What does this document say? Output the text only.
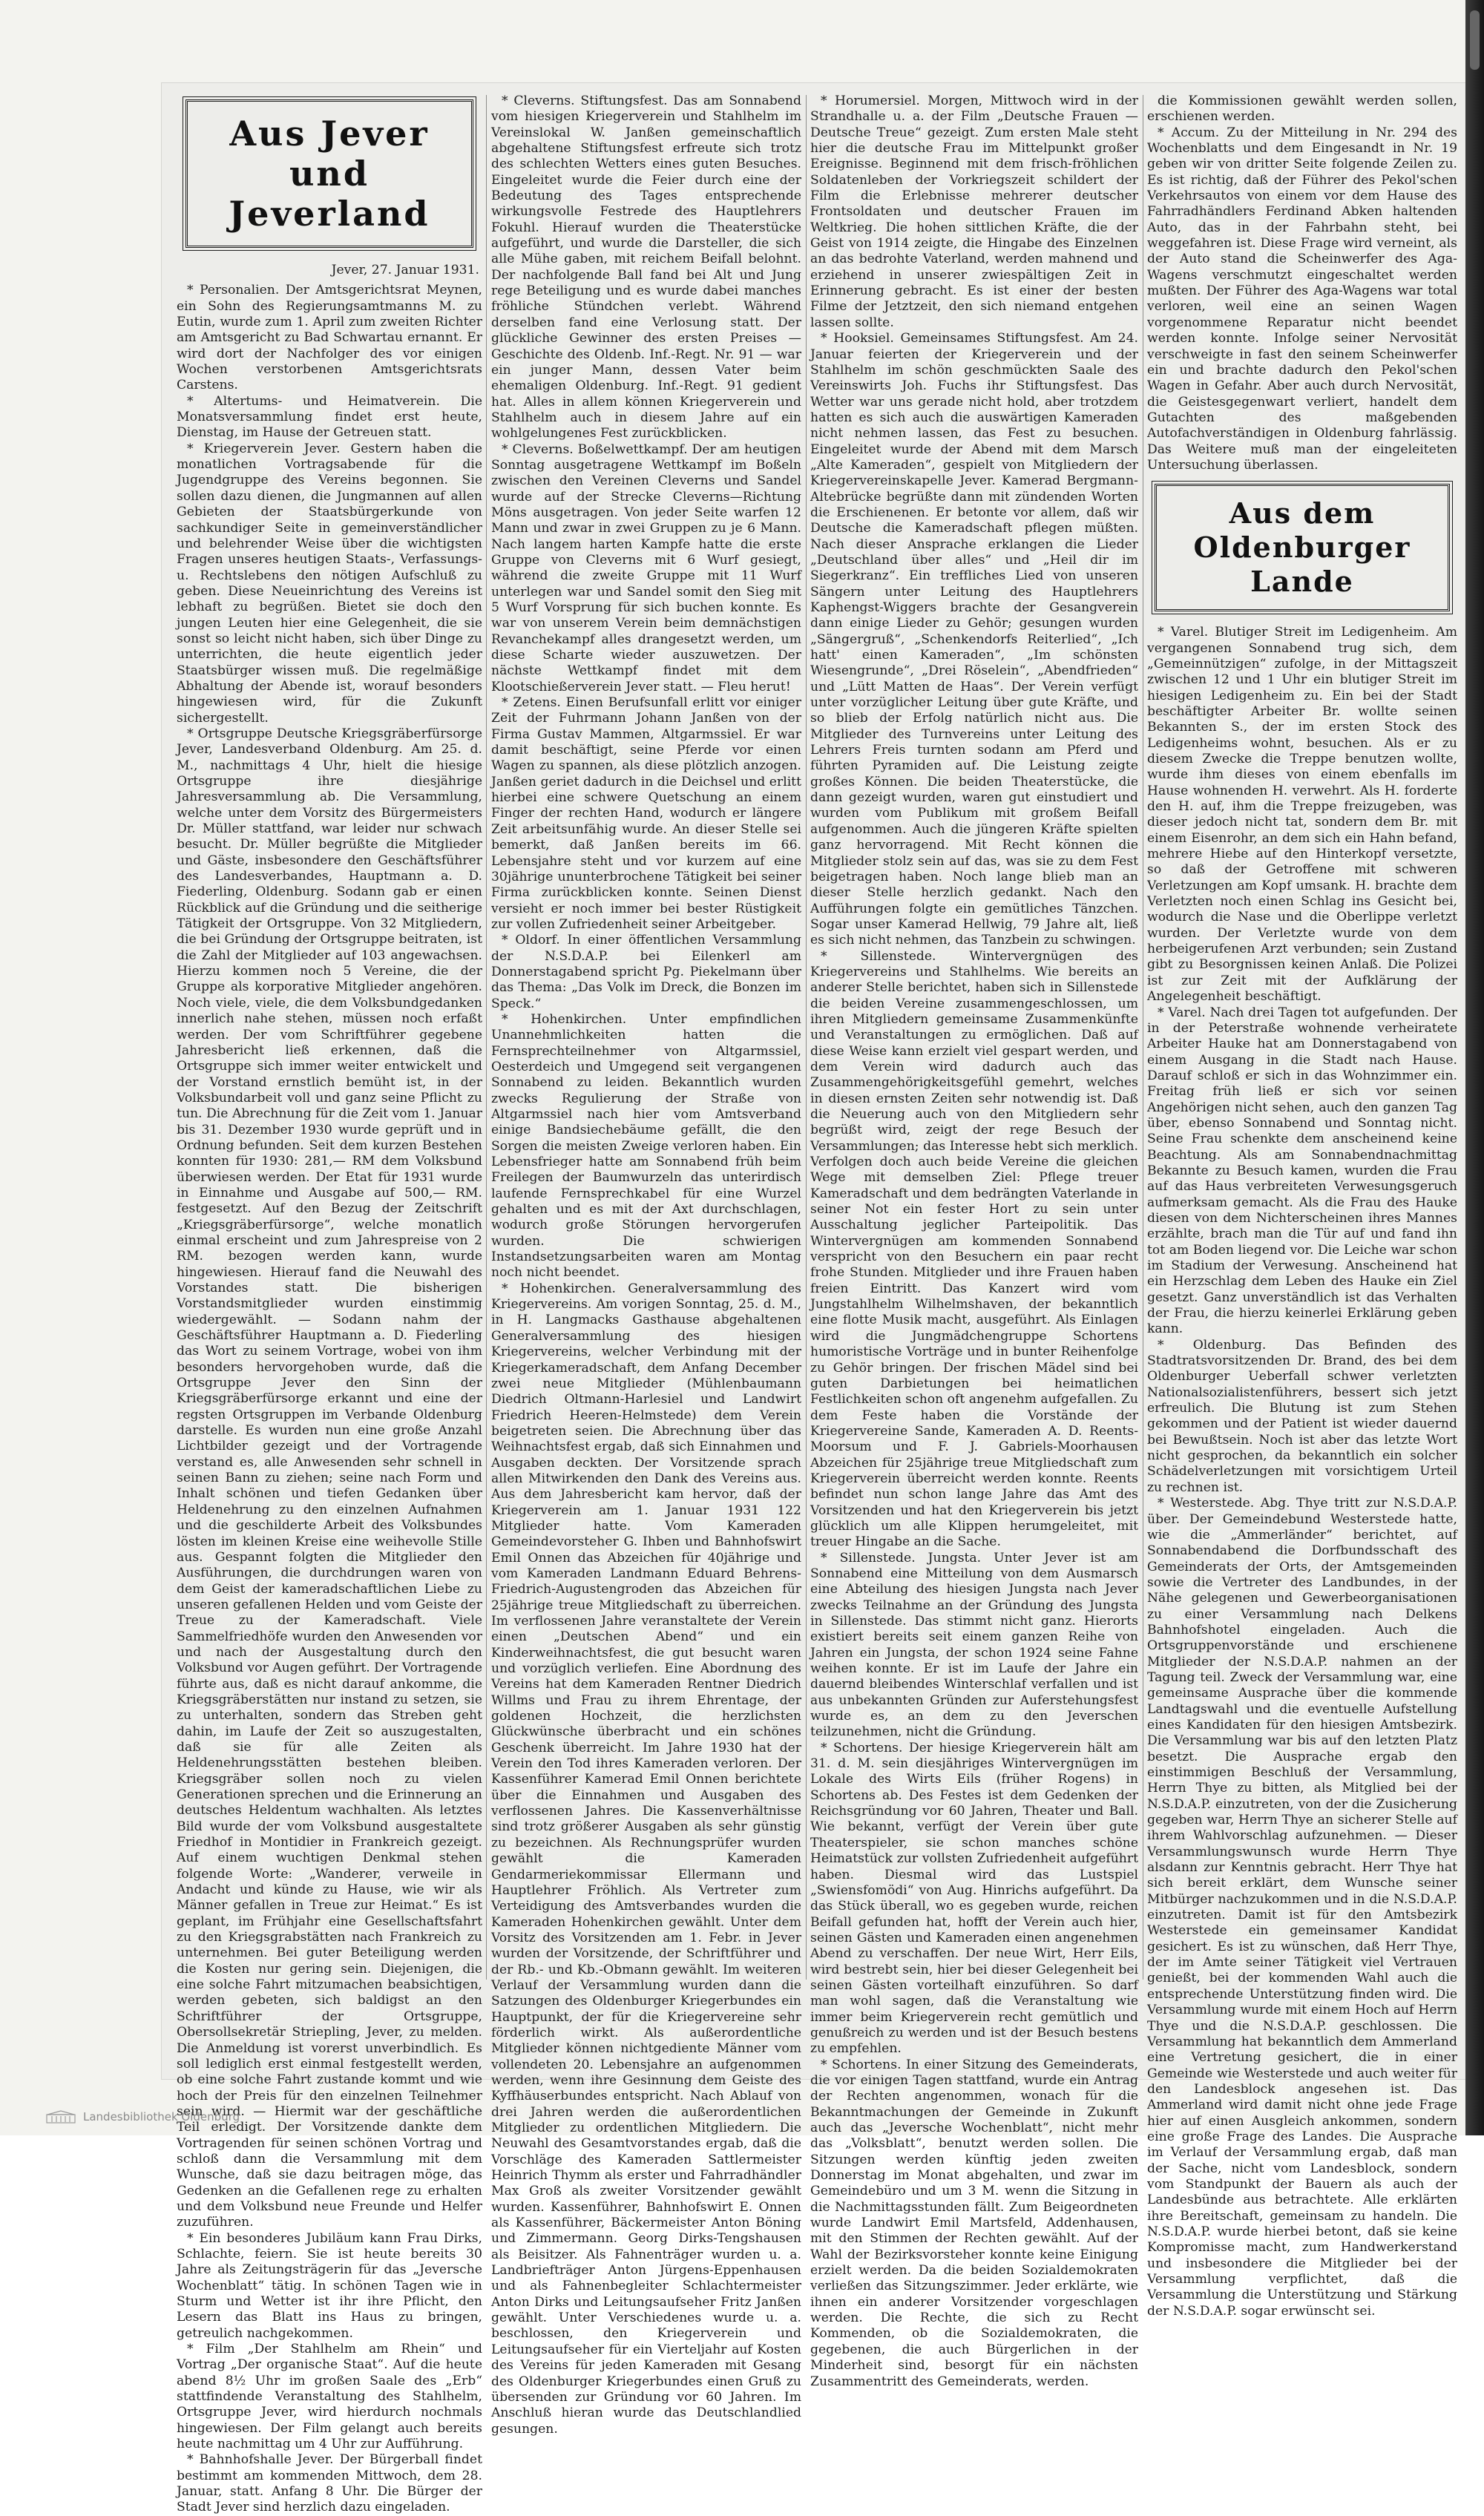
Aus Jever
und Jeverland

Jever, 27. Januar 1931.

* Personalien. Der Amtsgerichtsrat Meynen, ein Sohn des Regierungsamtmanns M. zu Eutin, wurde zum 1. April zum zweiten Richter am Amtsgericht zu Bad Schwartau ernannt. Er wird dort der Nachfolger des vor einigen Wochen verstorbenen Amtsgerichtsrats Carstens.

* Altertums- und Heimatverein. Die Monatsversammlung findet erst heute, Dienstag, im Hause der Getreuen statt.

* Kriegerverein Jever. Gestern haben die monatlichen Vortragsabende für die Jugendgruppe des Vereins begonnen. Sie sollen dazu dienen, die Jungmannen auf allen Gebieten der Staatsbürgerkunde von sachkundiger Seite in gemeinverständlicher und belehrender Weise über die wichtigsten Fragen unseres heutigen Staats-, Verfassungs- u. Rechtslebens den nötigen Aufschluß zu geben. Diese Neueinrichtung des Vereins ist lebhaft zu begrüßen. Bietet sie doch den jungen Leuten hier eine Gelegenheit, die sie sonst so leicht nicht haben, sich über Dinge zu unterrichten, die heute eigentlich jeder Staatsbürger wissen muß. Die regelmäßige Abhaltung der Abende ist, worauf besonders hingewiesen wird, für die Zukunft sichergestellt.

* Ortsgruppe Deutsche Kriegsgräberfürsorge Jever, Landesverband Oldenburg. Am 25. d. M., nachmittags 4 Uhr, hielt die hiesige Ortsgruppe ihre diesjährige Jahresversammlung ab. Die Versammlung, welche unter dem Vorsitz des Bürgermeisters Dr. Müller stattfand, war leider nur schwach besucht. Dr. Müller begrüßte die Mitglieder und Gäste, insbesondere den Geschäftsführer des Landesverbandes, Hauptmann a. D. Fiederling, Oldenburg. Sodann gab er einen Rückblick auf die Gründung und die seitherige Tätigkeit der Ortsgruppe. Von 32 Mitgliedern, die bei Gründung der Ortsgruppe beitraten, ist die Zahl der Mitglieder auf 103 angewachsen. Hierzu kommen noch 5 Vereine, die der Gruppe als korporative Mitglieder angehören. Noch viele, viele, die dem Volksbundgedanken innerlich nahe stehen, müssen noch erfaßt werden. Der vom Schriftführer gegebene Jahresbericht ließ erkennen, daß die Ortsgruppe sich immer weiter entwickelt und der Vorstand ernstlich bemüht ist, in der Volksbundarbeit voll und ganz seine Pflicht zu tun. Die Abrechnung für die Zeit vom 1. Januar bis 31. Dezember 1930 wurde geprüft und in Ordnung befunden. Seit dem kurzen Bestehen konnten für 1930: 281,— RM dem Volksbund überwiesen werden. Der Etat für 1931 wurde in Einnahme und Ausgabe auf 500,— RM. festgesetzt. Auf den Bezug der Zeitschrift „Kriegsgräberfürsorge“, welche monatlich einmal erscheint und zum Jahrespreise von 2 RM. bezogen werden kann, wurde hingewiesen. Hierauf fand die Neuwahl des Vorstandes statt. Die bisherigen Vorstandsmitglieder wurden einstimmig wiedergewählt. — Sodann nahm der Geschäftsführer Hauptmann a. D. Fiederling das Wort zu seinem Vortrage, wobei von ihm besonders hervorgehoben wurde, daß die Ortsgruppe Jever den Sinn der Kriegsgräberfürsorge erkannt und eine der regsten Ortsgruppen im Verbande Oldenburg darstelle. Es wurden nun eine große Anzahl Lichtbilder gezeigt und der Vortragende verstand es, alle Anwesenden sehr schnell in seinen Bann zu ziehen; seine nach Form und Inhalt schönen und tiefen Gedanken über Heldenehrung zu den einzelnen Aufnahmen und die geschilderte Arbeit des Volksbundes lösten im kleinen Kreise eine weihevolle Stille aus. Gespannt folgten die Mitglieder den Ausführungen, die durchdrungen waren von dem Geist der kameradschaftlichen Liebe zu unseren gefallenen Helden und vom Geiste der Treue zu der Kameradschaft. Viele Sammelfriedhöfe wurden den Anwesenden vor und nach der Ausgestaltung durch den Volksbund vor Augen geführt. Der Vortragende führte aus, daß es nicht darauf ankomme, die Kriegsgräberstätten nur instand zu setzen, sie zu unterhalten, sondern das Streben geht dahin, im Laufe der Zeit so auszugestalten, daß sie für alle Zeiten als Heldenehrungsstätten bestehen bleiben. Kriegsgräber sollen noch zu vielen Generationen sprechen und die Erinnerung an deutsches Heldentum wachhalten. Als letztes Bild wurde der vom Volksbund ausgestaltete Friedhof in Montidier in Frankreich gezeigt. Auf einem wuchtigen Denkmal stehen folgende Worte: „Wanderer, verweile in Andacht und künde zu Hause, wie wir als Männer gefallen in Treue zur Heimat.“ Es ist geplant, im Frühjahr eine Gesellschaftsfahrt zu den Kriegsgrabstätten nach Frankreich zu unternehmen. Bei guter Beteiligung werden die Kosten nur gering sein. Diejenigen, die eine solche Fahrt mitzumachen beabsichtigen, werden gebeten, sich baldigst an den Schriftführer der Ortsgruppe, Obersollsekretär Striepling, Jever, zu melden. Die Anmeldung ist vorerst unverbindlich. Es soll lediglich erst einmal festgestellt werden, ob eine solche Fahrt zustande kommt und wie hoch der Preis für den einzelnen Teilnehmer sein wird. — Hiermit war der geschäftliche Teil erledigt. Der Vorsitzende dankte dem Vortragenden für seinen schönen Vortrag und schloß dann die Versammlung mit dem Wunsche, daß sie dazu beitragen möge, das Gedenken an die Gefallenen rege zu erhalten und dem Volksbund neue Freunde und Helfer zuzuführen.

* Ein besonderes Jubiläum kann Frau Dirks, Schlachte, feiern. Sie ist heute bereits 30 Jahre als Zeitungsträgerin für das „Jeversche Wochenblatt“ tätig. In schönen Tagen wie in Sturm und Wetter ist ihr ihre Pflicht, den Lesern das Blatt ins Haus zu bringen, getreulich nachgekommen.

* Film „Der Stahlhelm am Rhein“ und Vortrag „Der organische Staat“. Auf die heute abend 8½ Uhr im großen Saale des „Erb“ stattfindende Veranstaltung des Stahlhelm, Ortsgruppe Jever, wird hierdurch nochmals hingewiesen. Der Film gelangt auch bereits heute nachmittag um 4 Uhr zur Aufführung.

* Bahnhofshalle Jever. Der Bürgerball findet bestimmt am kommenden Mittwoch, dem 28. Januar, statt. Anfang 8 Uhr. Die Bürger der Stadt Jever sind herzlich dazu eingeladen.

* Cleverns. Stiftungsfest. Das am Sonnabend vom hiesigen Kriegerverein und Stahlhelm im Vereinslokal W. Janßen gemeinschaftlich abgehaltene Stiftungsfest erfreute sich trotz des schlechten Wetters eines guten Besuches. Eingeleitet wurde die Feier durch eine der Bedeutung des Tages entsprechende wirkungsvolle Festrede des Hauptlehrers Fokuhl. Hierauf wurden die Theaterstücke aufgeführt, und wurde die Darsteller, die sich alle Mühe gaben, mit reichem Beifall belohnt. Der nachfolgende Ball fand bei Alt und Jung rege Beteiligung und es wurde dabei manches fröhliche Stündchen verlebt. Während derselben fand eine Verlosung statt. Der glückliche Gewinner des ersten Preises — Geschichte des Oldenb. Inf.-Regt. Nr. 91 — war ein junger Mann, dessen Vater beim ehemaligen Oldenburg. Inf.-Regt. 91 gedient hat. Alles in allem können Kriegerverein und Stahlhelm auch in diesem Jahre auf ein wohlgelungenes Fest zurückblicken.

* Cleverns. Boßelwettkampf. Der am heutigen Sonntag ausgetragene Wettkampf im Boßeln zwischen den Vereinen Cleverns und Sandel wurde auf der Strecke Cleverns—Richtung Möns ausgetragen. Von jeder Seite warfen 12 Mann und zwar in zwei Gruppen zu je 6 Mann. Nach langem harten Kampfe hatte die erste Gruppe von Cleverns mit 6 Wurf gesiegt, während die zweite Gruppe mit 11 Wurf unterlegen war und Sandel somit den Sieg mit 5 Wurf Vorsprung für sich buchen konnte. Es war von unserem Verein beim demnächstigen Revanchekampf alles drangesetzt werden, um diese Scharte wieder auszuwetzen. Der nächste Wettkampf findet mit dem Klootschießerverein Jever statt. — Fleu herut!

* Zetens. Einen Berufsunfall erlitt vor einiger Zeit der Fuhrmann Johann Janßen von der Firma Gustav Mammen, Altgarmssiel. Er war damit beschäftigt, seine Pferde vor einen Wagen zu spannen, als diese plötzlich anzogen. Janßen geriet dadurch in die Deichsel und erlitt hierbei eine schwere Quetschung an einem Finger der rechten Hand, wodurch er längere Zeit arbeitsunfähig wurde. An dieser Stelle sei bemerkt, daß Janßen bereits im 66. Lebensjahre steht und vor kurzem auf eine 30jährige ununterbrochene Tätigkeit bei seiner Firma zurückblicken konnte. Seinen Dienst versieht er noch immer bei bester Rüstigkeit zur vollen Zufriedenheit seiner Arbeitgeber.

* Oldorf. In einer öffentlichen Versammlung der N.S.D.A.P. bei Eilenkerl am Donnerstagabend spricht Pg. Piekelmann über das Thema: „Das Volk im Dreck, die Bonzen im Speck.“

* Hohenkirchen. Unter empfindlichen Unannehmlichkeiten hatten die Fernsprechteilnehmer von Altgarmssiel, Oesterdeich und Umgegend seit vergangenen Sonnabend zu leiden. Bekanntlich wurden zwecks Regulierung der Straße von Altgarmssiel nach hier vom Amtsverband einige Bandsiechebäume gefällt, die den Sorgen die meisten Zweige verloren haben. Ein Lebensfrieger hatte am Sonnabend früh beim Freilegen der Baumwurzeln das unterirdisch laufende Fernsprechkabel für eine Wurzel gehalten und es mit der Axt durchschlagen, wodurch große Störungen hervorgerufen wurden. Die schwierigen Instandsetzungsarbeiten waren am Montag noch nicht beendet.

* Hohenkirchen. Generalversammlung des Kriegervereins. Am vorigen Sonntag, 25. d. M., in H. Langmacks Gasthause abgehaltenen Generalversammlung des hiesigen Kriegervereins, welcher Verbindung mit der Kriegerkameradschaft, dem Anfang December zwei neue Mitglieder (Mühlenbaumann Diedrich Oltmann-Harlesiel und Landwirt Friedrich Heeren-Helmstede) dem Verein beigetreten seien. Die Abrechnung über das Weihnachtsfest ergab, daß sich Einnahmen und Ausgaben deckten. Der Vorsitzende sprach allen Mitwirkenden den Dank des Vereins aus. Aus dem Jahresbericht kam hervor, daß der Kriegerverein am 1. Januar 1931 122 Mitglieder hatte. Vom Kameraden Gemeindevorsteher G. Ihben und Bahnhofswirt Emil Onnen das Abzeichen für 40jährige und vom Kameraden Landmann Eduard Behrens-Friedrich-Augustengroden das Abzeichen für 25jährige treue Mitgliedschaft zu überreichen. Im verflossenen Jahre veranstaltete der Verein einen „Deutschen Abend“ und ein Kinderweihnachtsfest, die gut besucht waren und vorzüglich verliefen. Eine Abordnung des Vereins hat dem Kameraden Rentner Diedrich Willms und Frau zu ihrem Ehrentage, der goldenen Hochzeit, die herzlichsten Glückwünsche überbracht und ein schönes Geschenk überreicht. Im Jahre 1930 hat der Verein den Tod ihres Kameraden verloren. Der Kassenführer Kamerad Emil Onnen berichtete über die Einnahmen und Ausgaben des verflossenen Jahres. Die Kassenverhältnisse sind trotz größerer Ausgaben als sehr günstig zu bezeichnen. Als Rechnungsprüfer wurden gewählt die Kameraden Gendarmeriekommissar Ellermann und Hauptlehrer Fröhlich. Als Vertreter zum Verteidigung des Amtsverbandes wurden die Kameraden Hohenkirchen gewählt. Unter dem Vorsitz des Vorsitzenden am 1. Febr. in Jever wurden der Vorsitzende, der Schriftführer und der Rb.- und Kb.-Obmann gewählt. Im weiteren Verlauf der Versammlung wurden dann die Satzungen des Oldenburger Kriegerbundes ein Hauptpunkt, der für die Kriegervereine sehr förderlich wirkt. Als außerordentliche Mitglieder können nichtgediente Männer vom vollendeten 20. Lebensjahre an aufgenommen werden, wenn ihre Gesinnung dem Geiste des Kyffhäuserbundes entspricht. Nach Ablauf von drei Jahren werden die außerordentlichen Mitglieder zu ordentlichen Mitgliedern. Die Neuwahl des Gesamtvorstandes ergab, daß die Vorschläge des Kameraden Sattlermeister Heinrich Thymm als erster und Fahrradhändler Max Groß als zweiter Vorsitzender gewählt wurden. Kassenführer, Bahnhofswirt E. Onnen als Kassenführer, Bäckermeister Anton Böning und Zimmermann. Georg Dirks-Tengshausen als Beisitzer. Als Fahnenträger wurden u. a. Landbriefträger Anton Jürgens-Eppenhausen und als Fahnenbegleiter Schlachtermeister Anton Dirks und Leitungsaufseher Fritz Janßen gewählt. Unter Verschiedenes wurde u. a. beschlossen, den Kriegerverein und Leitungsaufseher für ein Vierteljahr auf Kosten des Vereins für jeden Kameraden mit Gesang des Oldenburger Kriegerbundes einen Gruß zu übersenden zur Gründung vor 60 Jahren. Im Anschluß hieran wurde das Deutschlandlied gesungen.

* Horumersiel. Morgen, Mittwoch wird in der Strandhalle u. a. der Film „Deutsche Frauen — Deutsche Treue“ gezeigt. Zum ersten Male steht hier die deutsche Frau im Mittelpunkt großer Ereignisse. Beginnend mit dem frisch-fröhlichen Soldatenleben der Vorkriegszeit schildert der Film die Erlebnisse mehrerer deutscher Frontsoldaten und deutscher Frauen im Weltkrieg. Die hohen sittlichen Kräfte, die der Geist von 1914 zeigte, die Hingabe des Einzelnen an das bedrohte Vaterland, werden mahnend und erziehend in unserer zwiespältigen Zeit in Erinnerung gebracht. Es ist einer der besten Filme der Jetztzeit, den sich niemand entgehen lassen sollte.

* Hooksiel. Gemeinsames Stiftungsfest. Am 24. Januar feierten der Kriegerverein und der Stahlhelm im schön geschmückten Saale des Vereinswirts Joh. Fuchs ihr Stiftungsfest. Das Wetter war uns gerade nicht hold, aber trotzdem hatten es sich auch die auswärtigen Kameraden nicht nehmen lassen, das Fest zu besuchen. Eingeleitet wurde der Abend mit dem Marsch „Alte Kameraden“, gespielt von Mitgliedern der Kriegervereinskapelle Jever. Kamerad Bergmann-Altebrücke begrüßte dann mit zündenden Worten die Erschienenen. Er betonte vor allem, daß wir Deutsche die Kameradschaft pflegen müßten. Nach dieser Ansprache erklangen die Lieder „Deutschland über alles“ und „Heil dir im Siegerkranz“. Ein treffliches Lied von unseren Sängern unter Leitung des Hauptlehrers Kaphengst-Wiggers brachte der Gesangverein dann einige Lieder zu Gehör; gesungen wurden „Sängergruß“, „Schenkendorfs Reiterlied“, „Ich hatt' einen Kameraden“, „Im schönsten Wiesengrunde“, „Drei Röselein“, „Abendfrieden“ und „Lütt Matten de Haas“. Der Verein verfügt unter vorzüglicher Leitung über gute Kräfte, und so blieb der Erfolg natürlich nicht aus. Die Mitglieder des Turnvereins unter Leitung des Lehrers Freis turnten sodann am Pferd und führten Pyramiden auf. Die Leistung zeigte großes Können. Die beiden Theaterstücke, die dann gezeigt wurden, waren gut einstudiert und wurden vom Publikum mit großem Beifall aufgenommen. Auch die jüngeren Kräfte spielten ganz hervorragend. Mit Recht können die Mitglieder stolz sein auf das, was sie zu dem Fest beigetragen haben. Noch lange blieb man an dieser Stelle herzlich gedankt. Nach den Aufführungen folgte ein gemütliches Tänzchen. Sogar unser Kamerad Hellwig, 79 Jahre alt, ließ es sich nicht nehmen, das Tanzbein zu schwingen.

* Sillenstede. Wintervergnügen des Kriegervereins und Stahlhelms. Wie bereits an anderer Stelle berichtet, haben sich in Sillenstede die beiden Vereine zusammengeschlossen, um ihren Mitgliedern gemeinsame Zusammenkünfte und Veranstaltungen zu ermöglichen. Daß auf diese Weise kann erzielt viel gespart werden, und dem Verein wird dadurch auch das Zusammengehörigkeitsgefühl gemehrt, welches in diesen ernsten Zeiten sehr notwendig ist. Daß die Neuerung auch von den Mitgliedern sehr begrüßt wird, zeigt der rege Besuch der Versammlungen; das Interesse hebt sich merklich. Verfolgen doch auch beide Vereine die gleichen Wege mit demselben Ziel: Pflege treuer Kameradschaft und dem bedrängten Vaterlande in seiner Not ein fester Hort zu sein unter Ausschaltung jeglicher Parteipolitik. Das Wintervergnügen am kommenden Sonnabend verspricht von den Besuchern ein paar recht frohe Stunden. Mitglieder und ihre Frauen haben freien Eintritt. Das Kanzert wird vom Jungstahlhelm Wilhelmshaven, der bekanntlich eine flotte Musik macht, ausgeführt. Als Einlagen wird die Jungmädchengruppe Schortens humoristische Vorträge und in bunter Reihenfolge zu Gehör bringen. Der frischen Mädel sind bei guten Darbietungen bei heimatlichen Festlichkeiten schon oft angenehm aufgefallen. Zu dem Feste haben die Vorstände der Kriegervereine Sande, Kameraden A. D. Reents-Moorsum und F. J. Gabriels-Moorhausen Abzeichen für 25jährige treue Mitgliedschaft zum Kriegerverein überreicht werden konnte. Reents befindet nun schon lange Jahre das Amt des Vorsitzenden und hat den Kriegerverein bis jetzt glücklich um alle Klippen herumgeleitet, mit treuer Hingabe an die Sache.

* Sillenstede. Jungsta. Unter Jever ist am Sonnabend eine Mitteilung von dem Ausmarsch eine Abteilung des hiesigen Jungsta nach Jever zwecks Teilnahme an der Gründung des Jungsta in Sillenstede. Das stimmt nicht ganz. Hierorts existiert bereits seit einem ganzen Reihe von Jahren ein Jungsta, der schon 1924 seine Fahne weihen konnte. Er ist im Laufe der Jahre ein dauernd bleibendes Winterschlaf verfallen und ist aus unbekannten Gründen zur Auferstehungsfest wurde es, an dem zu den Jeverschen teilzunehmen, nicht die Gründung.

* Schortens. Der hiesige Kriegerverein hält am 31. d. M. sein diesjähriges Wintervergnügen im Lokale des Wirts Eils (früher Rogens) in Schortens ab. Des Festes ist dem Gedenken der Reichsgründung vor 60 Jahren, Theater und Ball. Wie bekannt, verfügt der Verein über gute Theaterspieler, sie schon manches schöne Heimatstück zur vollsten Zufriedenheit aufgeführt haben. Diesmal wird das Lustspiel „Swiensfomödi“ von Aug. Hinrichs aufgeführt. Da das Stück überall, wo es gegeben wurde, reichen Beifall gefunden hat, hofft der Verein auch hier, seinen Gästen und Kameraden einen angenehmen Abend zu verschaffen. Der neue Wirt, Herr Eils, wird bestrebt sein, hier bei dieser Gelegenheit bei seinen Gästen vorteilhaft einzuführen. So darf man wohl sagen, daß die Veranstaltung wie immer beim Kriegerverein recht gemütlich und genußreich zu werden und ist der Besuch bestens zu empfehlen.

* Schortens. In einer Sitzung des Gemeinderats, die vor einigen Tagen stattfand, wurde ein Antrag der Rechten angenommen, wonach für die Bekanntmachungen der Gemeinde in Zukunft auch das „Jeversche Wochenblatt“, nicht mehr das „Volksblatt“, benutzt werden sollen. Die Sitzungen werden künftig jeden zweiten Donnerstag im Monat abgehalten, und zwar im Gemeindebüro und um 3 M. wenn die Sitzung in die Nachmittagsstunden fällt. Zum Beigeordneten wurde Landwirt Emil Martsfeld, Addenhausen, mit den Stimmen der Rechten gewählt. Auf der Wahl der Bezirksvorsteher konnte keine Einigung erzielt werden. Da die beiden Sozialdemokraten verließen das Sitzungszimmer. Jeder erklärte, wie ihnen ein anderer Vorsitzender vorgeschlagen werden. Die Rechte, die sich zu Recht Kommenden, ob die Sozialdemokraten, die gegebenen, die auch Bürgerlichen in der Minderheit sind, besorgt für ein nächsten Zusammentritt des Gemeinderats, werden.

die Kommissionen gewählt werden sollen, erschienen werden.

* Accum. Zu der Mitteilung in Nr. 294 des Wochenblatts und dem Eingesandt in Nr. 19 geben wir von dritter Seite folgende Zeilen zu. Es ist richtig, daß der Führer des Pekol'schen Verkehrsautos von einem vor dem Hause des Fahrradhändlers Ferdinand Abken haltenden Auto, das in der Fahrbahn steht, bei weggefahren ist. Diese Frage wird verneint, als der Auto stand die Scheinwerfer des Aga-Wagens verschmutzt eingeschaltet werden mußten. Der Führer des Aga-Wagens war total verloren, weil eine an seinen Wagen vorgenommene Reparatur nicht beendet werden konnte. Infolge seiner Nervosität verschweigte in fast den seinem Scheinwerfer ein und brachte dadurch den Pekol'schen Wagen in Gefahr. Aber auch durch Nervosität, die Geistesgegenwart verliert, handelt dem Gutachten des maßgebenden Autofachverständigen in Oldenburg fahrlässig. Das Weitere muß man der eingeleiteten Untersuchung überlassen.

Aus dem Oldenburger
Lande

* Varel. Blutiger Streit im Ledigenheim. Am vergangenen Sonnabend trug sich, dem „Gemeinnützigen“ zufolge, in der Mittagszeit zwischen 12 und 1 Uhr ein blutiger Streit im hiesigen Ledigenheim zu. Ein bei der Stadt beschäftigter Arbeiter Br. wollte seinen Bekannten S., der im ersten Stock des Ledigenheims wohnt, besuchen. Als er zu diesem Zwecke die Treppe benutzen wollte, wurde ihm dieses von einem ebenfalls im Hause wohnenden H. verwehrt. Als H. forderte den H. auf, ihm die Treppe freizugeben, was dieser jedoch nicht tat, sondern dem Br. mit einem Eisenrohr, an dem sich ein Hahn befand, mehrere Hiebe auf den Hinterkopf versetzte, so daß der Getroffene mit schweren Verletzungen am Kopf umsank. H. brachte dem Verletzten noch einen Schlag ins Gesicht bei, wodurch die Nase und die Oberlippe verletzt wurden. Der Verletzte wurde von dem herbeigerufenen Arzt verbunden; sein Zustand gibt zu Besorgnissen keinen Anlaß. Die Polizei ist zur Zeit mit der Aufklärung der Angelegenheit beschäftigt.

* Varel. Nach drei Tagen tot aufgefunden. Der in der Peterstraße wohnende verheiratete Arbeiter Hauke hat am Donnerstagabend von einem Ausgang in die Stadt nach Hause. Darauf schloß er sich in das Wohnzimmer ein. Freitag früh ließ er sich vor seinen Angehörigen nicht sehen, auch den ganzen Tag über, ebenso Sonnabend und Sonntag nicht. Seine Frau schenkte dem anscheinend keine Beachtung. Als am Sonnabendnachmittag Bekannte zu Besuch kamen, wurden die Frau auf das Haus verbreiteten Verwesungsgeruch aufmerksam gemacht. Als die Frau des Hauke diesen von dem Nichterscheinen ihres Mannes erzählte, brach man die Tür auf und fand ihn tot am Boden liegend vor. Die Leiche war schon im Stadium der Verwesung. Anscheinend hat ein Herzschlag dem Leben des Hauke ein Ziel gesetzt. Ganz unverständlich ist das Verhalten der Frau, die hierzu keinerlei Erklärung geben kann.

* Oldenburg. Das Befinden des Stadtratsvorsitzenden Dr. Brand, des bei dem Oldenburger Ueberfall schwer verletzten Nationalsozialistenführers, bessert sich jetzt erfreulich. Die Blutung ist zum Stehen gekommen und der Patient ist wieder dauernd bei Bewußtsein. Noch ist aber das letzte Wort nicht gesprochen, da bekanntlich ein solcher Schädelverletzungen mit vorsichtigem Urteil zu rechnen ist.

* Westerstede. Abg. Thye tritt zur N.S.D.A.P. über. Der Gemeindebund Westerstede hatte, wie die „Ammerländer“ berichtet, auf Sonnabendabend die Dorfbundsschaft des Gemeinderats der Orts, der Amtsgemeinden sowie die Vertreter des Landbundes, in der Nähe gelegenen und Gewerbeorganisationen zu einer Versammlung nach Delkens Bahnhofshotel eingeladen. Auch die Ortsgruppenvorstände und erschienene Mitglieder der N.S.D.A.P. nahmen an der Tagung teil. Zweck der Versammlung war, eine gemeinsame Ausprache über die kommende Landtagswahl und die eventuelle Aufstellung eines Kandidaten für den hiesigen Amtsbezirk. Die Versammlung war bis auf den letzten Platz besetzt. Die Ausprache ergab den einstimmigen Beschluß der Versammlung, Herrn Thye zu bitten, als Mitglied bei der N.S.D.A.P. einzutreten, von der die Zusicherung gegeben war, Herrn Thye an sicherer Stelle auf ihrem Wahlvorschlag aufzunehmen. — Dieser Versammlungswunsch wurde Herrn Thye alsdann zur Kenntnis gebracht. Herr Thye hat sich bereit erklärt, dem Wunsche seiner Mitbürger nachzukommen und in die N.S.D.A.P. einzutreten. Damit ist für den Amtsbezirk Westerstede ein gemeinsamer Kandidat gesichert. Es ist zu wünschen, daß Herr Thye, der im Amte seiner Tätigkeit viel Vertrauen genießt, bei der kommenden Wahl auch die entsprechende Unterstützung finden wird. Die Versammlung wurde mit einem Hoch auf Herrn Thye und die N.S.D.A.P. geschlossen. Die Versammlung hat bekanntlich dem Ammerland eine Vertretung gesichert, die in einer Gemeinde wie Westerstede und auch weiter für den Landesblock angesehen ist. Das Ammerland wird damit nicht ohne jede Frage hier auf einen Ausgleich ankommen, sondern eine große Frage des Landes. Die Ausprache im Verlauf der Versammlung ergab, daß man der Sache, nicht vom Landesblock, sondern vom Standpunkt der Bauern als auch der Landesbünde aus betrachtete. Alle erklärten ihre Bereitschaft, gemeinsam zu handeln. Die N.S.D.A.P. wurde hierbei betont, daß sie keine Kompromisse macht, zum Handwerkerstand und insbesondere die Mitglieder bei der Versammlung verpflichtet, daß die Versammlung die Unterstützung und Stärkung der N.S.D.A.P. sogar erwünscht sei.

Landesbibliothek Oldenburg
